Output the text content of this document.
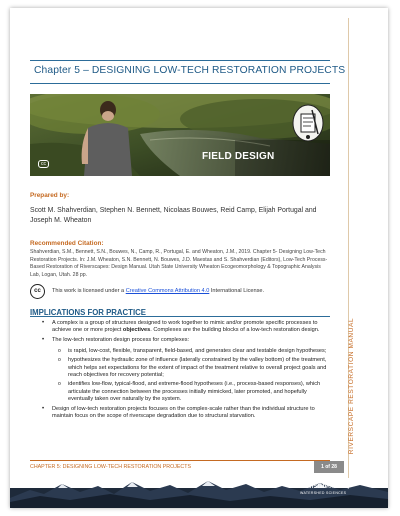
Chapter 5 – DESIGNING LOW-TECH RESTORATION PROJECTS
cc
FIELD DESIGN
Prepared by:
Scott M. Shahverdian, Stephen N. Bennett, Nicolaas Bouwes, Reid Camp, Elijah Portugal and Joseph M. Wheaton
Recommended Citation:
Shahverdian, S.M., Bennett, S.N., Bouwes, N., Camp, R., Portugal, E. and Wheaton, J.M., 2019. Chapter 5- Designing Low-Tech Restoration Projects. In: J.M. Wheaton, S.N. Bennett, N. Bouwes, J.D. Maestas and S. Shahverdian (Editors), Low-Tech Process-Based Restoration of Riverscapes: Design Manual. Utah State University Wheaton Ecogeomorphology & Topographic Analysis Lab, Logan, Utah. 28 pp.
cc	This work is licensed under a Creative Commons Attribution 4.0 International License.
IMPLICATIONS FOR PRACTICE
• A complex is a group of structures designed to work together to mimic and/or promote specific processes to achieve one or more project objectives. Complexes are the building blocks of a low-tech restoration design.
• The low-tech restoration design process for complexes:
o is rapid, low-cost, flexible, transparent, field-based, and generates clear and testable design hypotheses;
o hypothesizes the hydraulic zone of influence (laterally constrained by the valley bottom) of the treatment, which helps set expectations for the extent of impact of the treatment relative to overall project goals and reach objectives for recovery potential;
o identifies low-flow, typical-flood, and extreme-flood hypotheses (i.e., process-based responses), which articulate the connection between the processes initially mimicked, later promoted, and hopefully eventually taken over naturally by the system.
• Design of low-tech restoration projects focuses on the complex-scale rather than the individual structure to maintain focus on the scope of riverscape degradation due to structural starvation.	RIVERSCAPE RESTORATION MANUAL
CHAPTER 5: DESIGNING LOW-TECH RESTORATION PROJECTS	1 of 28
UtahStateUniversity
WATERSHED SCIENCES
